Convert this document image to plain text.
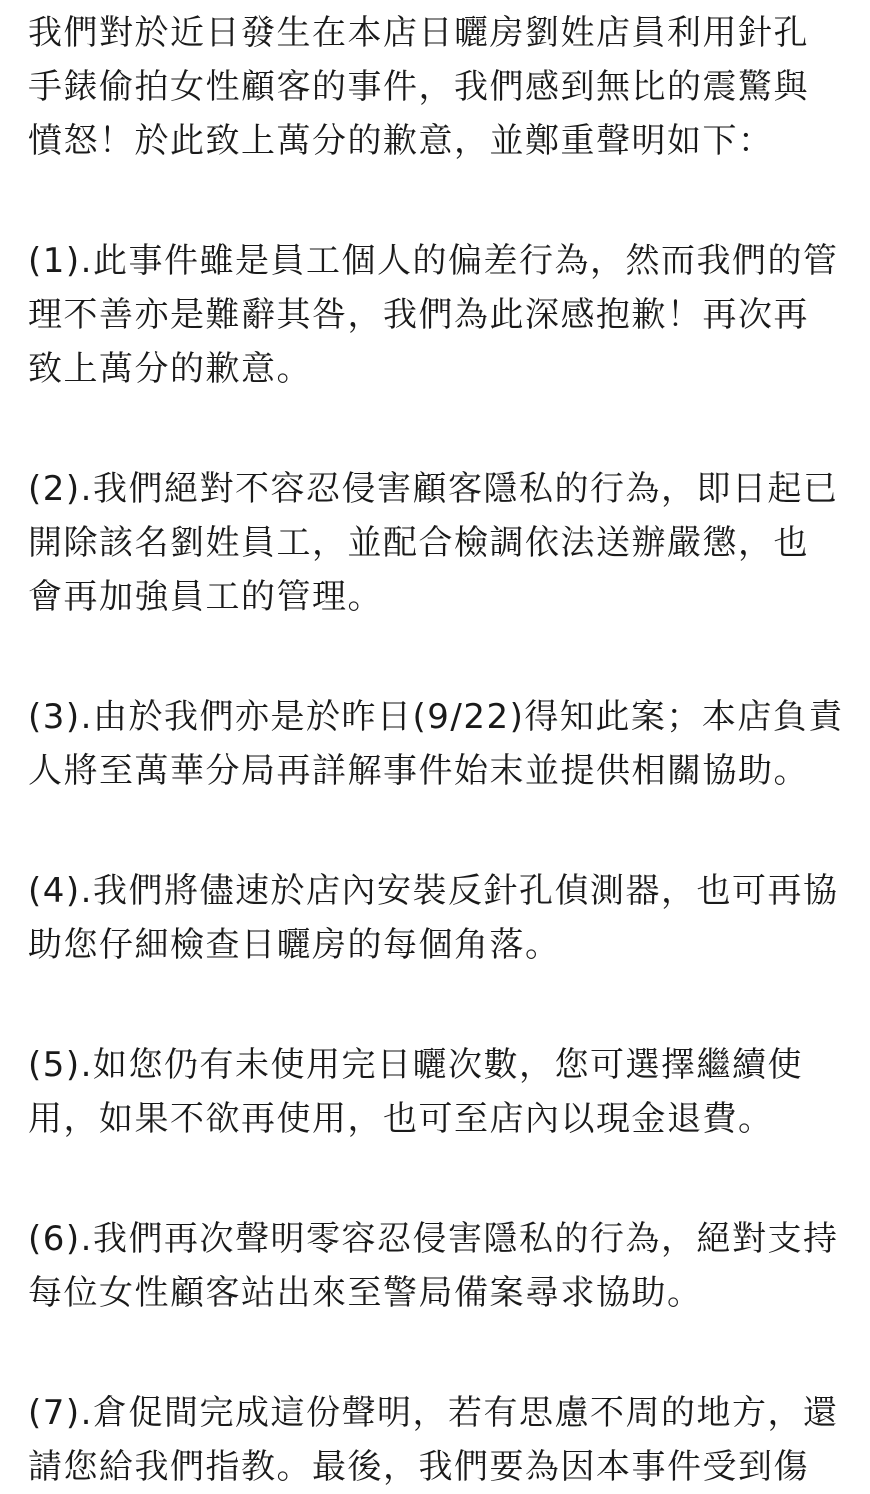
我們對於近日發生在本店日曬房劉姓店員利用針孔
手錶偷拍女性顧客的事件，我們感到無比的震驚與
憤怒！於此致上萬分的歉意，並鄭重聲明如下：
(1).此事件雖是員工個人的偏差行為，然而我們的管
理不善亦是難辭其咎，我們為此深感抱歉！再次再
致上萬分的歉意。
(2).我們絕對不容忍侵害顧客隱私的行為，即日起已
開除該名劉姓員工，並配合檢調依法送辦嚴懲，也
會再加強員工的管理。
(3).由於我們亦是於昨日(9/22)得知此案；本店負責
人將至萬華分局再詳解事件始末並提供相關協助。
(4).我們將儘速於店內安裝反針孔偵測器，也可再協
助您仔細檢查日曬房的每個角落。
(5).如您仍有未使用完日曬次數，您可選擇繼續使
用，如果不欲再使用，也可至店內以現金退費。
(6).我們再次聲明零容忍侵害隱私的行為，絕對支持
每位女性顧客站出來至警局備案尋求協助。
(7).倉促間完成這份聲明，若有思慮不周的地方，還
請您給我們指教。最後，我們要為因本事件受到傷
